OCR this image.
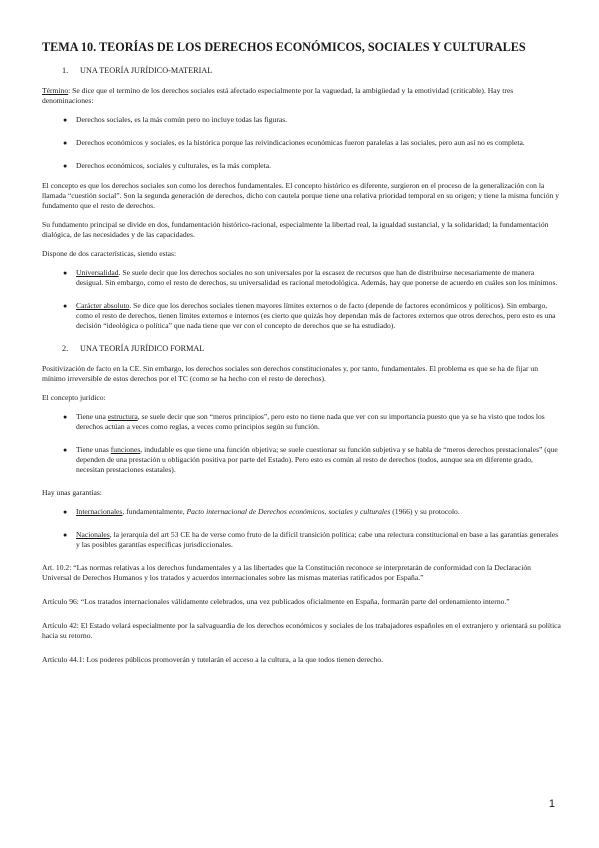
TEMA 10. TEORÍAS DE LOS DERECHOS ECONÓMICOS, SOCIALES Y CULTURALES
1. UNA TEORÍA JURÍDICO-MATERIAL

Término: Se dice que el termino de los derechos sociales está afectado especialmente por la vaguedad, la ambigüedad y la emotividad (criticable). Hay tres denominaciones:

● Derechos sociales, es la más común pero no incluye todas las figuras.
● Derechos económicos y sociales, es la histórica porque las reivindicaciones económicas fueron paralelas a las sociales, pero aun así no es completa.
● Derechos económicos, sociales y culturales, es la más completa.

El concepto es que los derechos sociales son como los derechos fundamentales. El concepto histórico es diferente, surgieron en el proceso de la generalización con la llamada “cuestión social”. Son la segunda generación de derechos, dicho con cautela porque tiene una relativa prioridad temporal en su origen; y tiene la misma función y fundamento que el resto de derechos.

Su fundamento principal se divide en dos, fundamentación histórico-racional, especialmente la libertad real, la igualdad sustancial, y la solidaridad; la fundamentación dialógica, de las necesidades y de las capacidades.

Dispone de dos características, siendo estas:

● Universalidad. Se suele decir que los derechos sociales no son universales por la escasez de recursos que han de distribuirse necesariamente de manera desigual. Sin embargo, como el resto de derechos, su universalidad es racional metodológica. Además, hay que ponerse de acuerdo en cuáles son los mínimos.
● Carácter absoluto. Se dice que los derechos sociales tienen mayores límites externos o de facto (depende de factores económicos y políticos). Sin embargo, como el resto de derechos, tienen límites externos e internos (es cierto que quizás hoy dependan más de factores externos que otros derechos, pero esto es una decisión “ideológica o política” que nada tiene que ver con el concepto de derechos que se ha estudiado).
2. UNA TEORÍA JURÍDICO FORMAL

Positivización de facto en la CE. Sin embargo, los derechos sociales son derechos constitucionales y, por tanto, fundamentales. El problema es que se ha de fijar un mínimo irreversible de estos derechos por el TC (como se ha hecho con el resto de derechos).

El concepto jurídico:

● Tiene una estructura, se suele decir que son “meros principios”, pero esto no tiene nada que ver con su importancia puesto que ya se ha visto que todos los derechos actúan a veces como reglas, a veces como principios según su función.
● Tiene unas funciones, indudable es que tiene una función objetiva; se suele cuestionar su función subjetiva y se habla de “meros derechos prestacionales” (que dependen de una prestación u obligación positiva por parte del Estado). Pero esto es común al resto de derechos (todos, aunque sea en diferente grado, necesitan prestaciones estatales).

Hay unas garantías:

● Internacionales, fundamentalmente, Pacto internacional de Derechos económicos, sociales y culturales (1966) y su protocolo.
● Nacionales, la jerarquía del art 53 CE ha de verse como fruto de la difícil transición política; cabe una relectura constitucional en base a las garantías generales y las posibles garantías específicas jurisdiccionales.

Art. 10.2: “Las normas relativas a los derechos fundamentales y a las libertades que la Constitución reconoce se interpretarán de conformidad con la Declaración Universal de Derechos Humanos y los tratados y acuerdos internacionales sobre las mismas materias ratificados por España.”

Artículo 96: “Los tratados internacionales válidamente celebrados, una vez publicados oficialmente en España, formarán parte del ordenamiento interno.”

Artículo 42: El Estado velará especialmente por la salvaguardia de los derechos económicos y sociales de los trabajadores españoles en el extranjero y orientará su política hacia su retorno.

Artículo 44.1: Los poderes públicos promoverán y tutelarán el acceso a la cultura, a la que todos tienen derecho.

1
